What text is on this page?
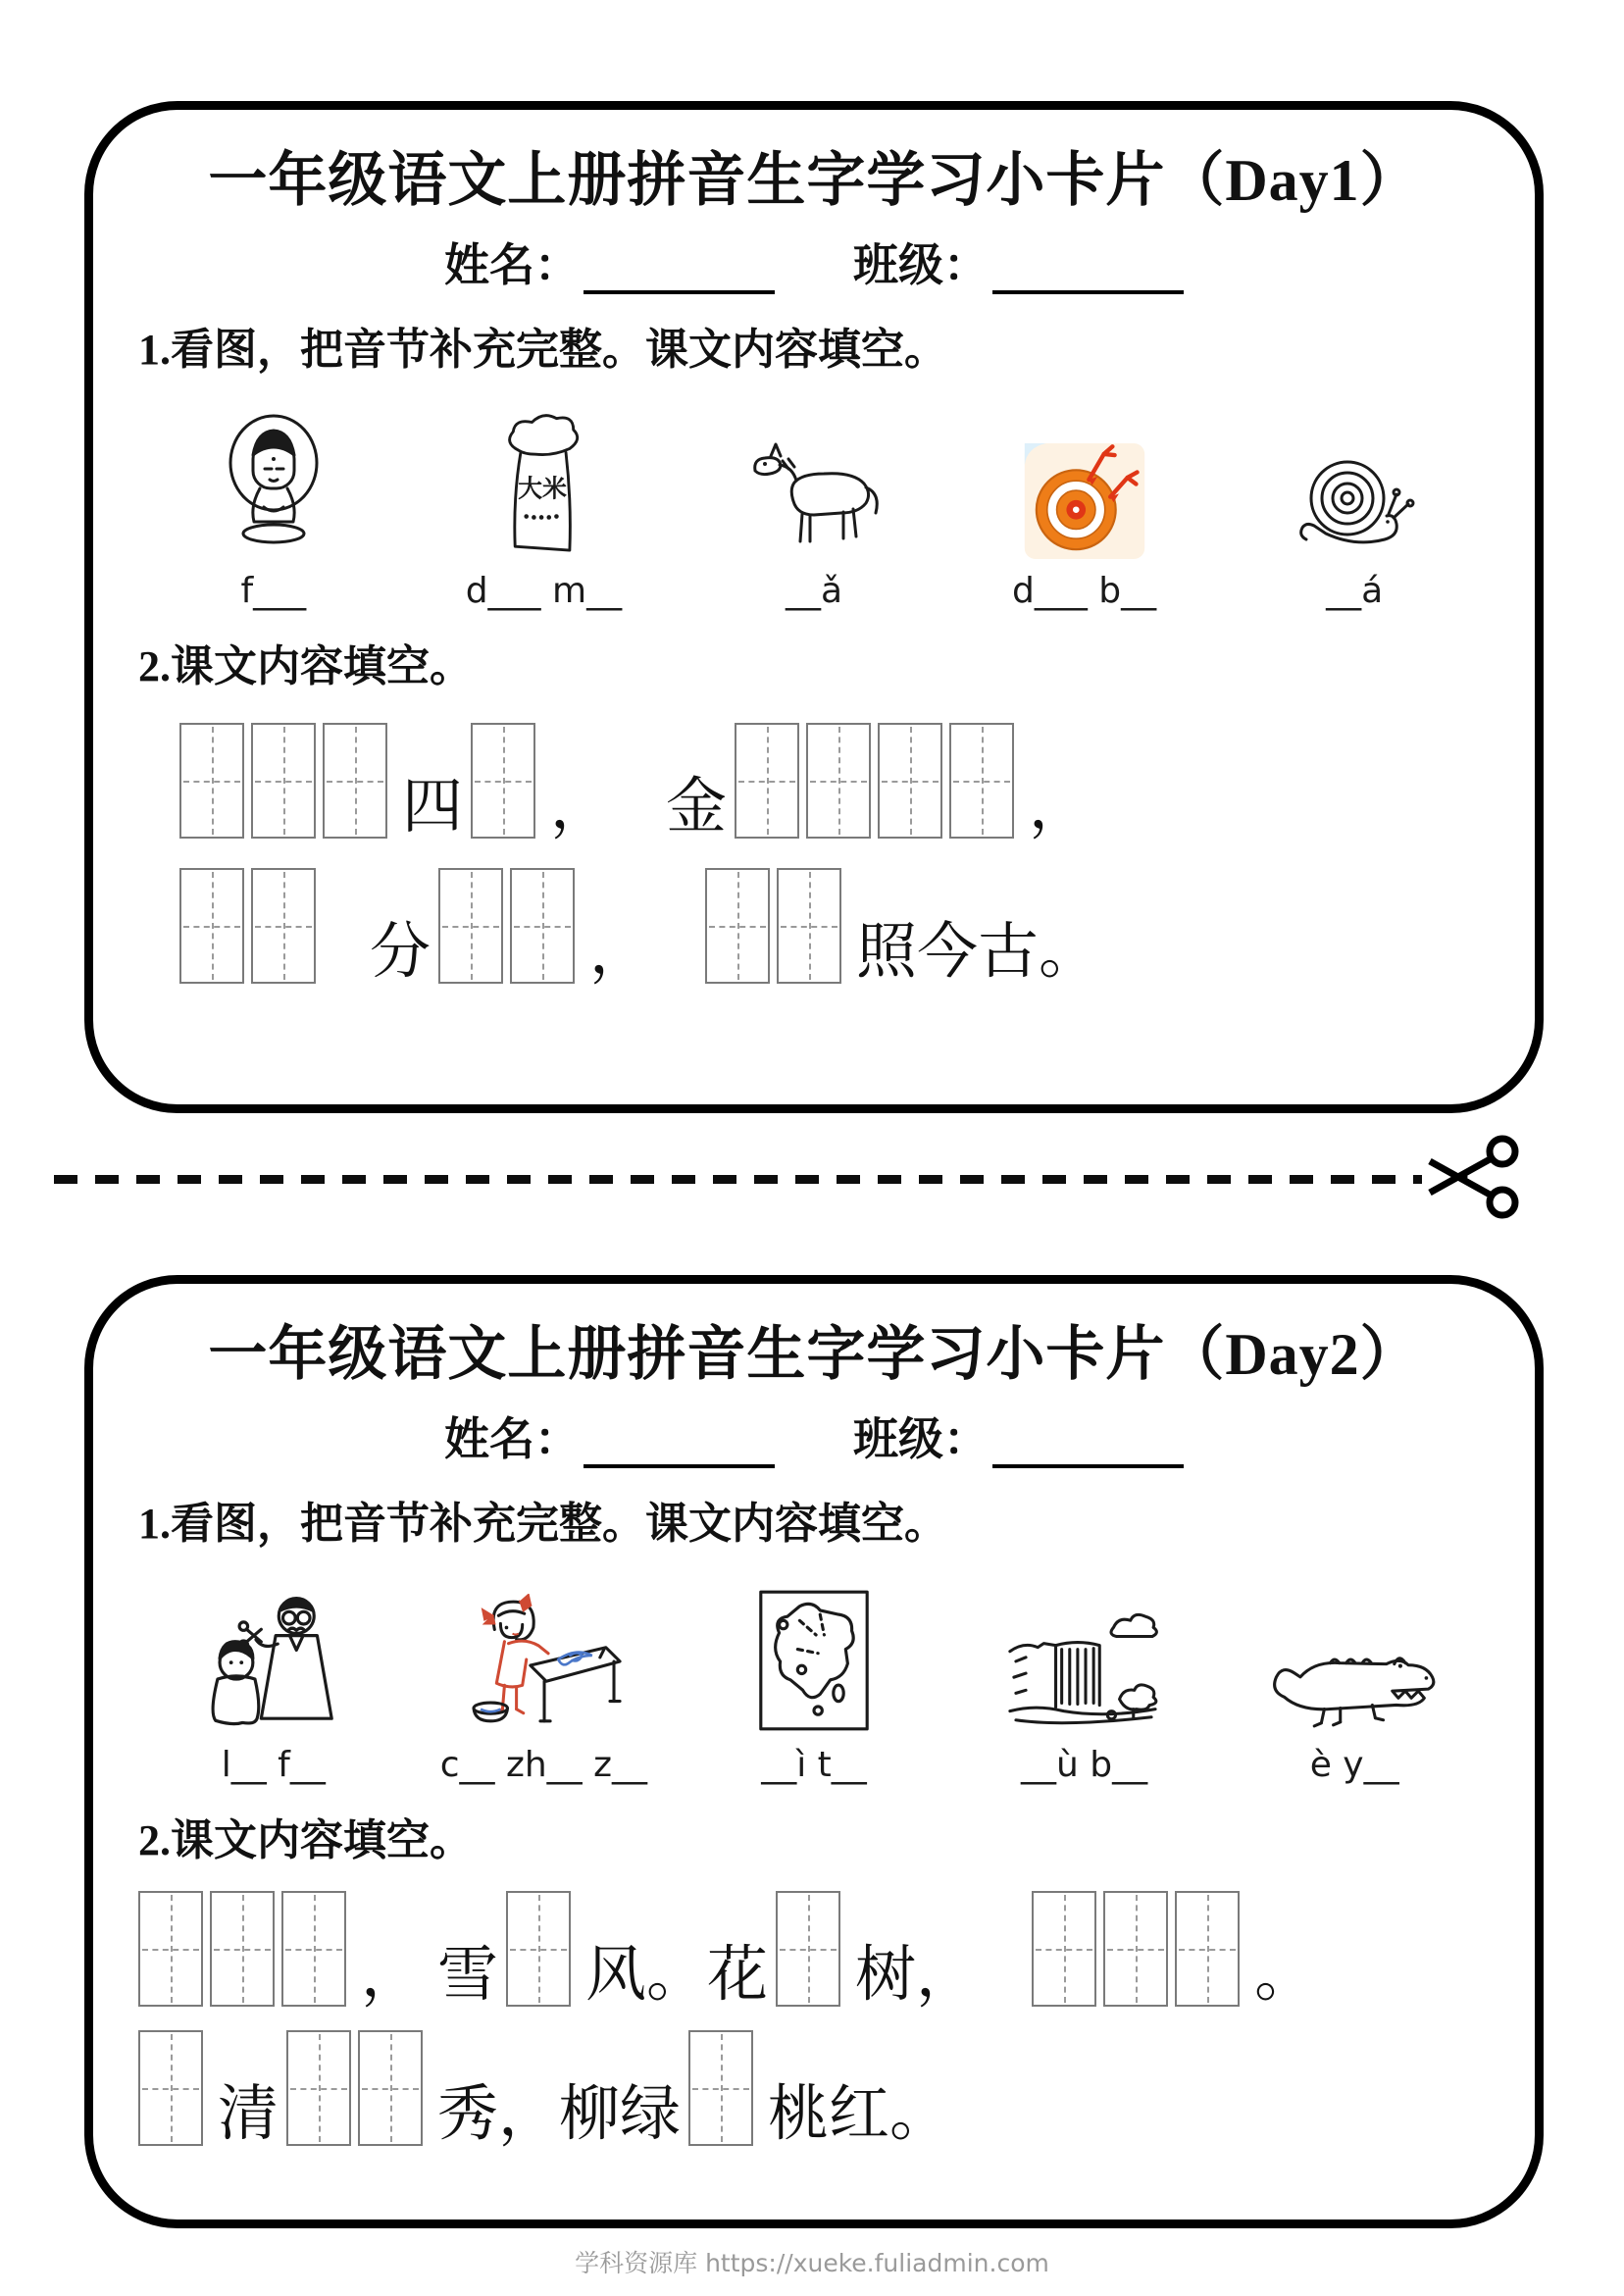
一年级语文上册拼音生字学习小卡片（Day1）
姓名：	班级：
1.看图，把音节补充完整。课文内容填空。
大米
f___	d___ m__	__ǎ	d___ b__	__á
2.课文内容填空。
四 ， 金	，
分	，	照今古。
一年级语文上册拼音生字学习小卡片（Day2）
姓名：	班级：
1.看图，把音节补充完整。课文内容填空。
l__ f__	c__ zh__ z__	__ì t__	__ù b__	è y__
2.课文内容填空。
， 雪 风。花 树，	。
清	秀，柳绿 桃红。
学科资源库 https://xueke.fuliadmin.com
